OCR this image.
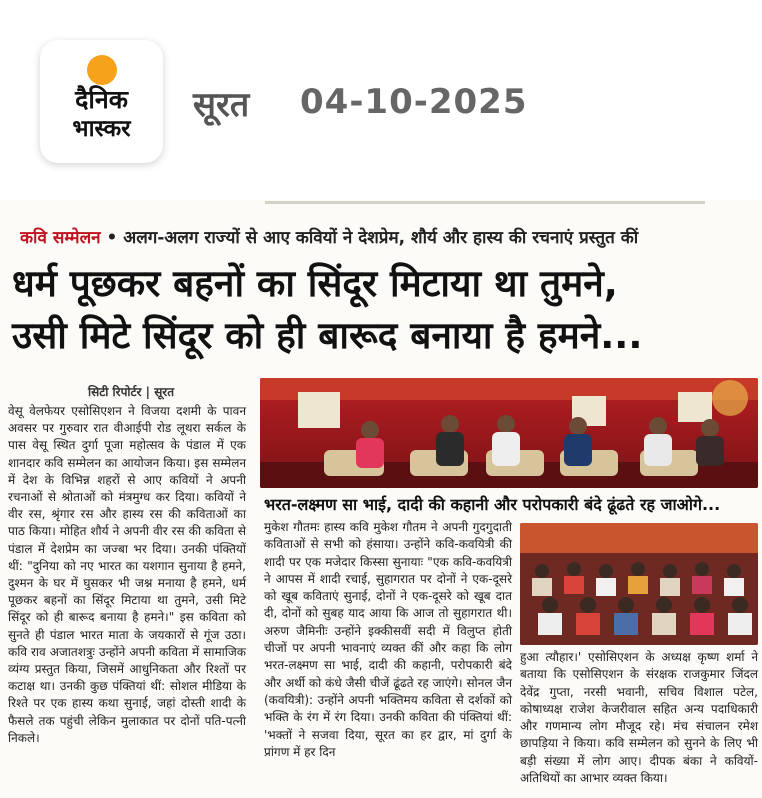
दैनिक
भास्कर
सूरत 04-10-2025
कवि सम्मेलन • अलग-अलग राज्यों से आए कवियों ने देशप्रेम, शौर्य और हास्य की रचनाएं प्रस्तुत कीं
धर्म पूछकर बहनों का सिंदूर मिटाया था तुमने,
उसी मिटे सिंदूर को ही बारूद बनाया है हमने...
सिटी रिपोर्टर | सूरत

वेसू वेलफेयर एसोसिएशन ने विजया दशमी के पावन अवसर पर गुरुवार रात वीआईपी रोड लूथरा सर्कल के पास वेसू स्थित दुर्गा पूजा महोत्सव के पंडाल में एक शानदार कवि सम्मेलन का आयोजन किया। इस सम्मेलन में देश के विभिन्न शहरों से आए कवियों ने अपनी रचनाओं से श्रोताओं को मंत्रमुग्ध कर दिया। कवियों ने वीर रस, श्रृंगार रस और हास्य रस की कविताओं का पाठ किया। मोहित शौर्य ने अपनी वीर रस की कविता से पंडाल में देशप्रेम का जज्बा भर दिया। उनकी पंक्तियों थीं: "दुनिया को नए भारत का यशगान सुनाया है हमने, दुश्मन के घर में घुसकर भी जश्न मनाया है हमने, धर्म पूछकर बहनों का सिंदूर मिटाया था तुमने, उसी मिटे सिंदूर को ही बारूद बनाया है हमने।" इस कविता को सुनते ही पंडाल भारत माता के जयकारों से गूंज उठा। कवि राव अजातशत्रुः उन्होंने अपनी कविता में सामाजिक व्यंग्य प्रस्तुत किया, जिसमें आधुनिकता और रिश्तों पर कटाक्ष था। उनकी कुछ पंक्तियां थीं: सोशल मीडिया के रिश्ते पर एक हास्य कथा सुनाई, जहां दोस्ती शादी के फैसले तक पहुंची लेकिन मुलाकात पर दोनों पति-पत्नी निकले।

भरत-लक्ष्मण सा भाई, दादी की कहानी और परोपकारी बंदे ढूंढते रह जाओगे...

मुकेश गौतमः हास्य कवि मुकेश गौतम ने अपनी गुदगुदाती कविताओं से सभी को हंसाया। उन्होंने कवि-कवयित्री की शादी पर एक मजेदार किस्सा सुनायाः "एक कवि-कवयित्री ने आपस में शादी रचाई, सुहागरात पर दोनों ने एक-दूसरे को खूब कविताएं सुनाई, दोनों ने एक-दूसरे को खूब दात दी, दोनों को सुबह याद आया कि आज तो सुहागरात थी। अरुण जैमिनीः उन्होंने इक्कीसवीं सदी में विलुप्त होती चीजों पर अपनी भावनाएं व्यक्त कीं और कहा कि लोग भरत-लक्ष्मण सा भाई, दादी की कहानी, परोपकारी बंदे और अर्थी को कंधे जैसी चीजें ढूंढते रह जाएंगे। सोनल जैन (कवयित्री): उन्होंने अपनी भक्तिमय कविता से दर्शकों को भक्ति के रंग में रंग दिया। उनकी कविता की पंक्तियां थीं: 'भक्तों ने सजवा दिया, सूरत का हर द्वार, मां दुर्गा के प्रांगण में हर दिन

हुआ त्यौहार।' एसोसिएशन के अध्यक्ष कृष्ण शर्मा ने बताया कि एसोसिएशन के संरक्षक राजकुमार जिंदल देवेंद्र गुप्ता, नरसी भवानी, सचिव विशाल पटेल, कोषाध्यक्ष राजेश केजरीवाल सहित अन्य पदाधिकारी और गणमान्य लोग मौजूद रहे। मंच संचालन रमेश छापड़िया ने किया। कवि सम्मेलन को सुनने के लिए भी बड़ी संख्या में लोग आए। दीपक बंका ने कवियों-अतिथियों का आभार व्यक्त किया।
